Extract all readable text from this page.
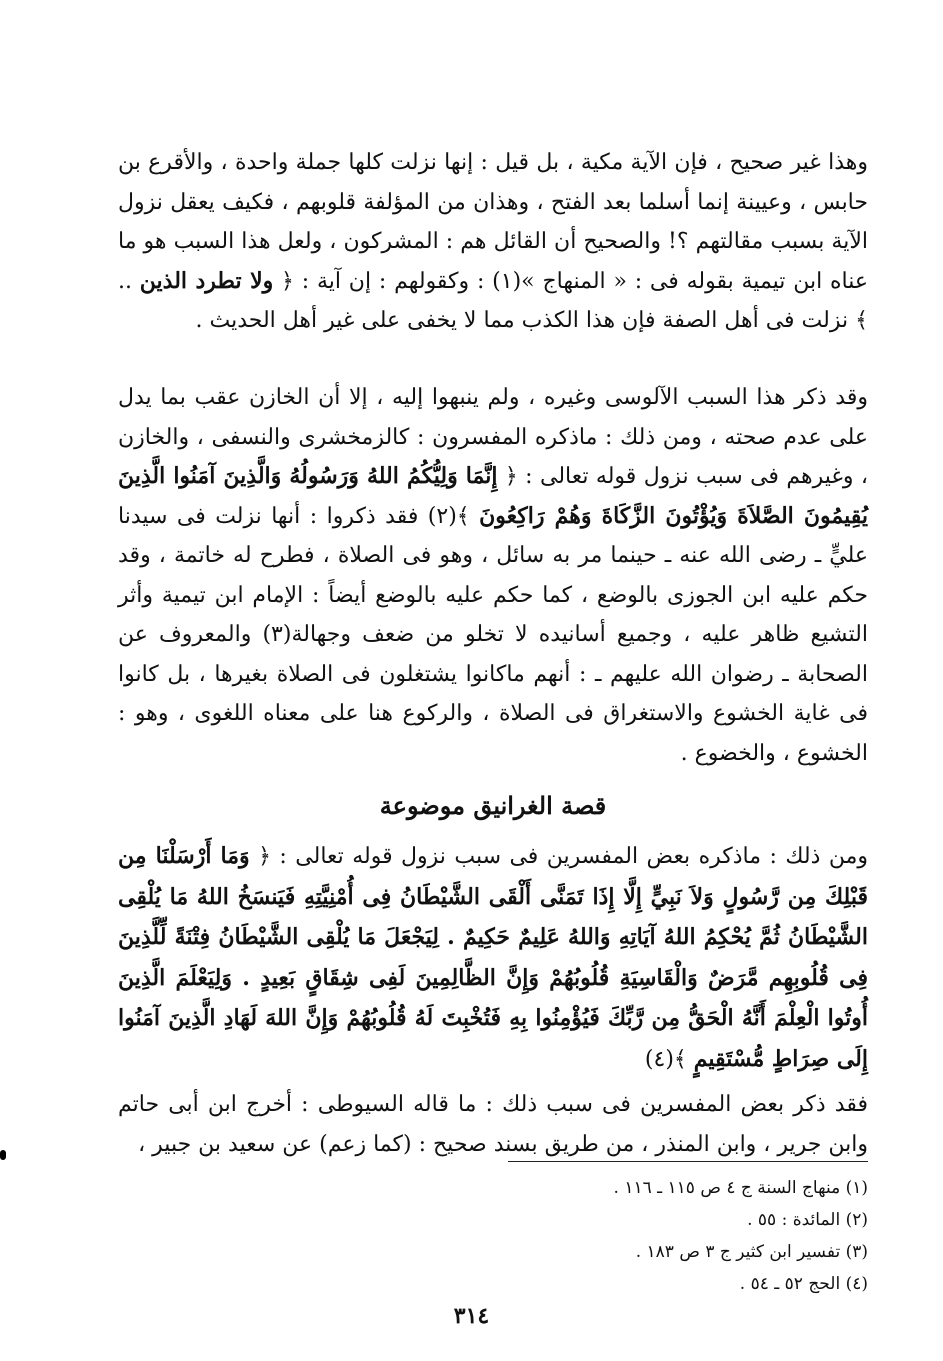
وهذا غير صحيح ، فإن الآية مكية ، بل قيل : إنها نزلت كلها جملة واحدة ، والأقرع بن حابس ، وعيينة إنما أسلما بعد الفتح ، وهذان من المؤلفة قلوبهم ، فكيف يعقل نزول الآية بسبب مقالتهم ؟! والصحيح أن القائل هم : المشركون ، ولعل هذا السبب هو ما عناه ابن تيمية بقوله فى : « المنهاج »(١) : وكقولهم : إن آية : ﴿ ولا تطرد الذين .. ﴾ نزلت فى أهل الصفة فإن هذا الكذب مما لا يخفى على غير أهل الحديث .
وقد ذكر هذا السبب الآلوسى وغيره ، ولم ينبهوا إليه ، إلا أن الخازن عقب بما يدل على عدم صحته ، ومن ذلك : ماذكره المفسرون : كالزمخشرى والنسفى ، والخازن ، وغيرهم فى سبب نزول قوله تعالى : ﴿ إِنَّمَا وَلِيُّكُمُ اللهُ وَرَسُولُهُ وَالَّذِينَ آمَنُوا الَّذِينَ يُقِيمُونَ الصَّلاَةَ وَيُؤْتُونَ الزَّكَاةَ وَهُمْ رَاكِعُونَ ﴾(٢) فقد ذكروا : أنها نزلت فى سيدنا عليٍّ ـ رضى الله عنه ـ حينما مر به سائل ، وهو فى الصلاة ، فطرح له خاتمة ، وقد حكم عليه ابن الجوزى بالوضع ، كما حكم عليه بالوضع أيضاً : الإمام ابن تيمية وأثر التشيع ظاهر عليه ، وجميع أسانيده لا تخلو من ضعف وجهالة(٣) والمعروف عن الصحابة ـ رضوان الله عليهم ـ : أنهم ماكانوا يشتغلون فى الصلاة بغيرها ، بل كانوا فى غاية الخشوع والاستغراق فى الصلاة ، والركوع هنا على معناه اللغوى ، وهو : الخشوع ، والخضوع .
قصة الغرانيق موضوعة
ومن ذلك : ماذكره بعض المفسرين فى سبب نزول قوله تعالى : ﴿ وَمَا أَرْسَلْنَا مِن قَبْلِكَ مِن رَّسُولٍ وَلاَ نَبِيٍّ إِلَّا إِذَا تَمَنَّى أَلْقَى الشَّيْطَانُ فِى أُمْنِيَّتِهِ فَيَنسَخُ اللهُ مَا يُلْقِى الشَّيْطَانُ ثُمَّ يُحْكِمُ اللهُ آيَاتِهِ وَاللهُ عَلِيمٌ حَكِيمٌ . لِيَجْعَلَ مَا يُلْقِى الشَّيْطَانُ فِتْنَةً لِّلَّذِينَ فِى قُلُوبِهِم مَّرَضٌ وَالْقَاسِيَةِ قُلُوبُهُمْ وَإِنَّ الظَّالِمِينَ لَفِى شِقَاقٍ بَعِيدٍ . وَلِيَعْلَمَ الَّذِينَ أُوتُوا الْعِلْمَ أَنَّهُ الْحَقُّ مِن رَّبِّكَ فَيُؤْمِنُوا بِهِ فَتُخْبِتَ لَهُ قُلُوبُهُمْ وَإِنَّ اللهَ لَهَادِ الَّذِينَ آمَنُوا إِلَى صِرَاطٍ مُّسْتَقِيمٍ ﴾(٤)
فقد ذكر بعض المفسرين فى سبب ذلك : ما قاله السيوطى : أخرج ابن أبى حاتم وابن جرير ، وابن المنذر ، من طريق بسند صحيح : (كما زعم) عن سعيد بن جبير ،
(١) منهاج السنة ج ٤ ص ١١٥ ـ ١١٦ .
(٢) المائدة : ٥٥ .
(٣) تفسير ابن كثير ج ٣ ص ١٨٣ .
(٤) الحج ٥٢ ـ ٥٤ .
٣١٤
